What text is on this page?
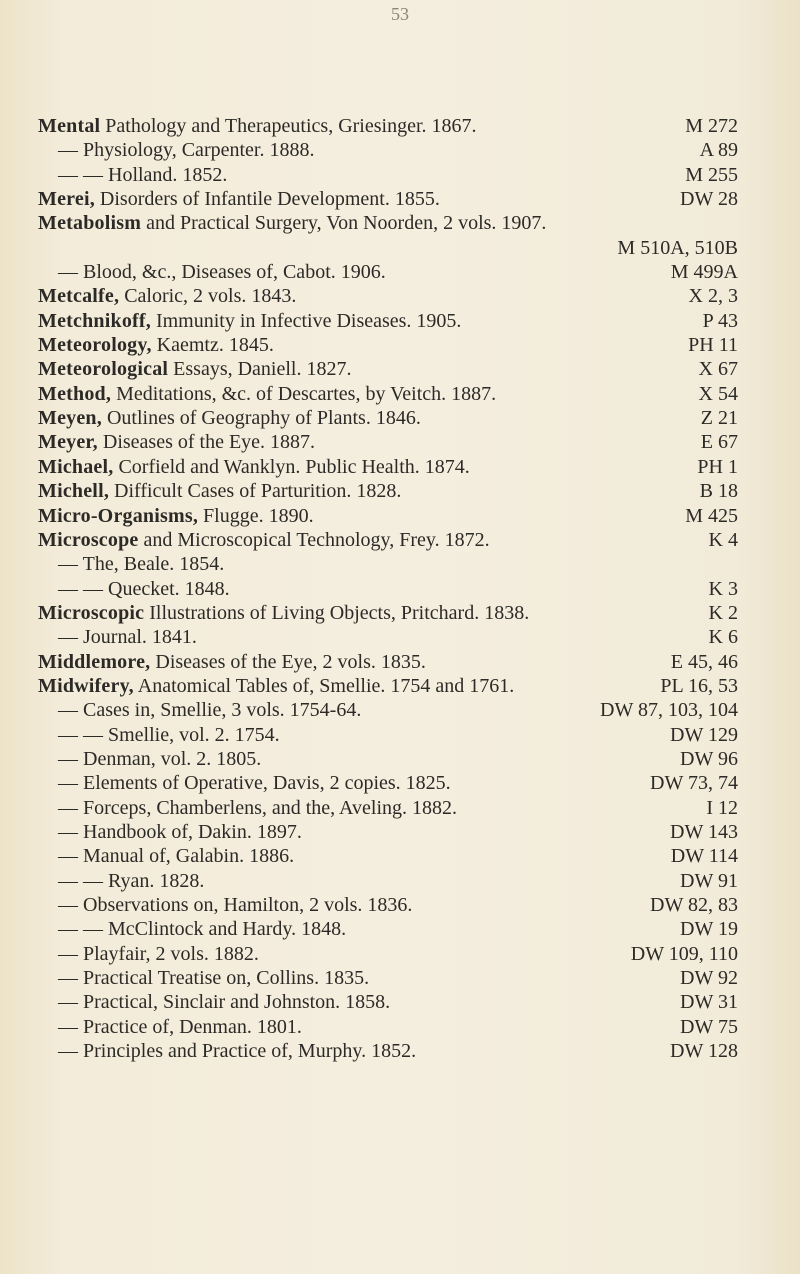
53
Mental Pathology and Therapeutics, Griesinger. 1867.	M 272
— Physiology, Carpenter. 1888.	A 89
— — Holland. 1852.	M 255
Merei, Disorders of Infantile Development. 1855.	DW 28
Metabolism and Practical Surgery, Von Noorden, 2 vols. 1907.
M 510A, 510B
— Blood, &c., Diseases of, Cabot. 1906.	M 499A
Metcalfe, Caloric, 2 vols. 1843.	X 2, 3
Metchnikoff, Immunity in Infective Diseases. 1905.	P 43
Meteorology, Kaemtz. 1845.	PH 11
Meteorological Essays, Daniell. 1827.	X 67
Method, Meditations, &c. of Descartes, by Veitch. 1887.	X 54
Meyen, Outlines of Geography of Plants. 1846.	Z 21
Meyer, Diseases of the Eye. 1887.	E 67
Michael, Corfield and Wanklyn. Public Health. 1874.	PH 1
Michell, Difficult Cases of Parturition. 1828.	B 18
Micro-Organisms, Flugge. 1890.	M 425
Microscope and Microscopical Technology, Frey. 1872.	K 4
— The, Beale. 1854.
— — Quecket. 1848.	K 3
Microscopic Illustrations of Living Objects, Pritchard. 1838.	K 2
— Journal. 1841.	K 6
Middlemore, Diseases of the Eye, 2 vols. 1835.	E 45, 46
Midwifery, Anatomical Tables of, Smellie. 1754 and 1761.	PL 16, 53
— Cases in, Smellie, 3 vols. 1754-64.	DW 87, 103, 104
— — Smellie, vol. 2. 1754.	DW 129
— Denman, vol. 2. 1805.	DW 96
— Elements of Operative, Davis, 2 copies. 1825.	DW 73, 74
— Forceps, Chamberlens, and the, Aveling. 1882.	I 12
— Handbook of, Dakin. 1897.	DW 143
— Manual of, Galabin. 1886.	DW 114
— — Ryan. 1828.	DW 91
— Observations on, Hamilton, 2 vols. 1836.	DW 82, 83
— — McClintock and Hardy. 1848.	DW 19
— Playfair, 2 vols. 1882.	DW 109, 110
— Practical Treatise on, Collins. 1835.	DW 92
— Practical, Sinclair and Johnston. 1858.	DW 31
— Practice of, Denman. 1801.	DW 75
— Principles and Practice of, Murphy. 1852.	DW 128
